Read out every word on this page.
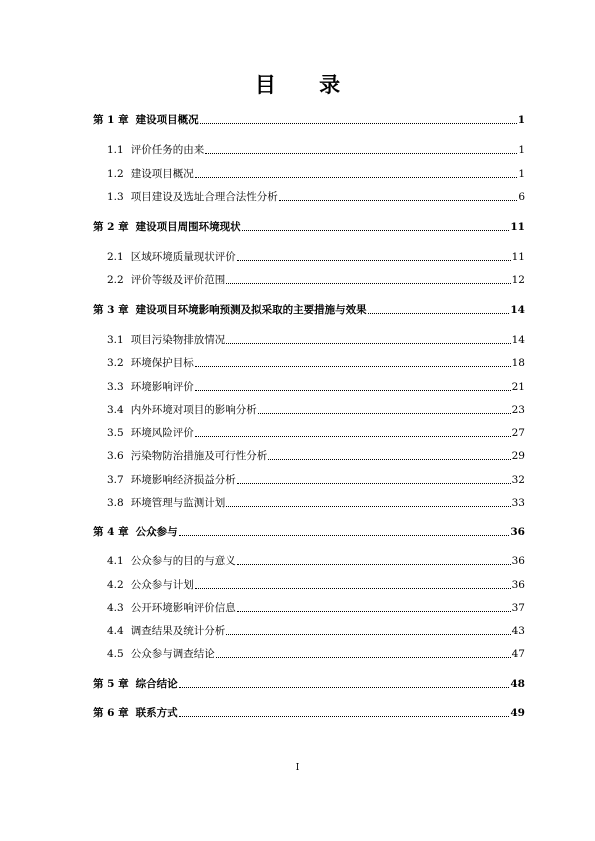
目 录
第 1 章 建设项目概况	1
1.1 评价任务的由来	1
1.2 建设项目概况	1
1.3 项目建设及选址合理合法性分析	6
第 2 章 建设项目周围环境现状	11
2.1 区域环境质量现状评价	11
2.2 评价等级及评价范围	12
第 3 章 建设项目环境影响预测及拟采取的主要措施与效果	14
3.1 项目污染物排放情况	14
3.2 环境保护目标	18
3.3 环境影响评价	21
3.4 内外环境对项目的影响分析	23
3.5 环境风险评价	27
3.6 污染物防治措施及可行性分析	29
3.7 环境影响经济损益分析	32
3.8 环境管理与监测计划	33
第 4 章 公众参与	36
4.1 公众参与的目的与意义	36
4.2 公众参与计划	36
4.3 公开环境影响评价信息	37
4.4 调查结果及统计分析	43
4.5 公众参与调查结论	47
第 5 章 综合结论	48
第 6 章 联系方式	49
I
